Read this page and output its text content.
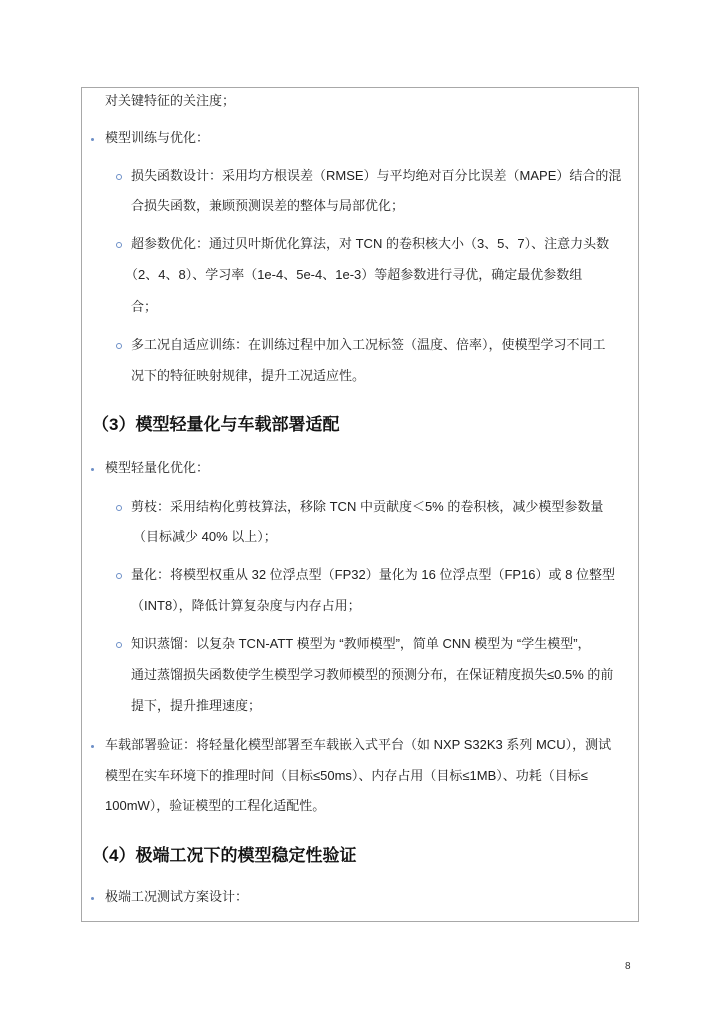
对关键特征的关注度；
模型训练与优化：
损失函数设计：采用均方根误差（RMSE）与平均绝对百分比误差（MAPE）结合的混
合损失函数，兼顾预测误差的整体与局部优化；
超参数优化：通过贝叶斯优化算法，对 TCN 的卷积核大小（3、5、7）、注意力头数
（2、4、8）、学习率（1e-4、5e-4、1e-3）等超参数进行寻优，确定最优参数组
合；
多工况自适应训练：在训练过程中加入工况标签（温度、倍率），使模型学习不同工
况下的特征映射规律，提升工况适应性。
（3）模型轻量化与车载部署适配
模型轻量化优化：
剪枝：采用结构化剪枝算法，移除 TCN 中贡献度＜5% 的卷积核，减少模型参数量
（目标减少 40% 以上）；
量化：将模型权重从 32 位浮点型（FP32）量化为 16 位浮点型（FP16）或 8 位整型
（INT8），降低计算复杂度与内存占用；
知识蒸馏：以复杂 TCN-ATT 模型为 “教师模型”，简单 CNN 模型为 “学生模型”，
通过蒸馏损失函数使学生模型学习教师模型的预测分布，在保证精度损失≤0.5% 的前
提下，提升推理速度；
车载部署验证：将轻量化模型部署至车载嵌入式平台（如 NXP S32K3 系列 MCU），测试
模型在实车环境下的推理时间（目标≤50ms）、内存占用（目标≤1MB）、功耗（目标≤
100mW），验证模型的工程化适配性。
（4）极端工况下的模型稳定性验证
极端工况测试方案设计：
8
